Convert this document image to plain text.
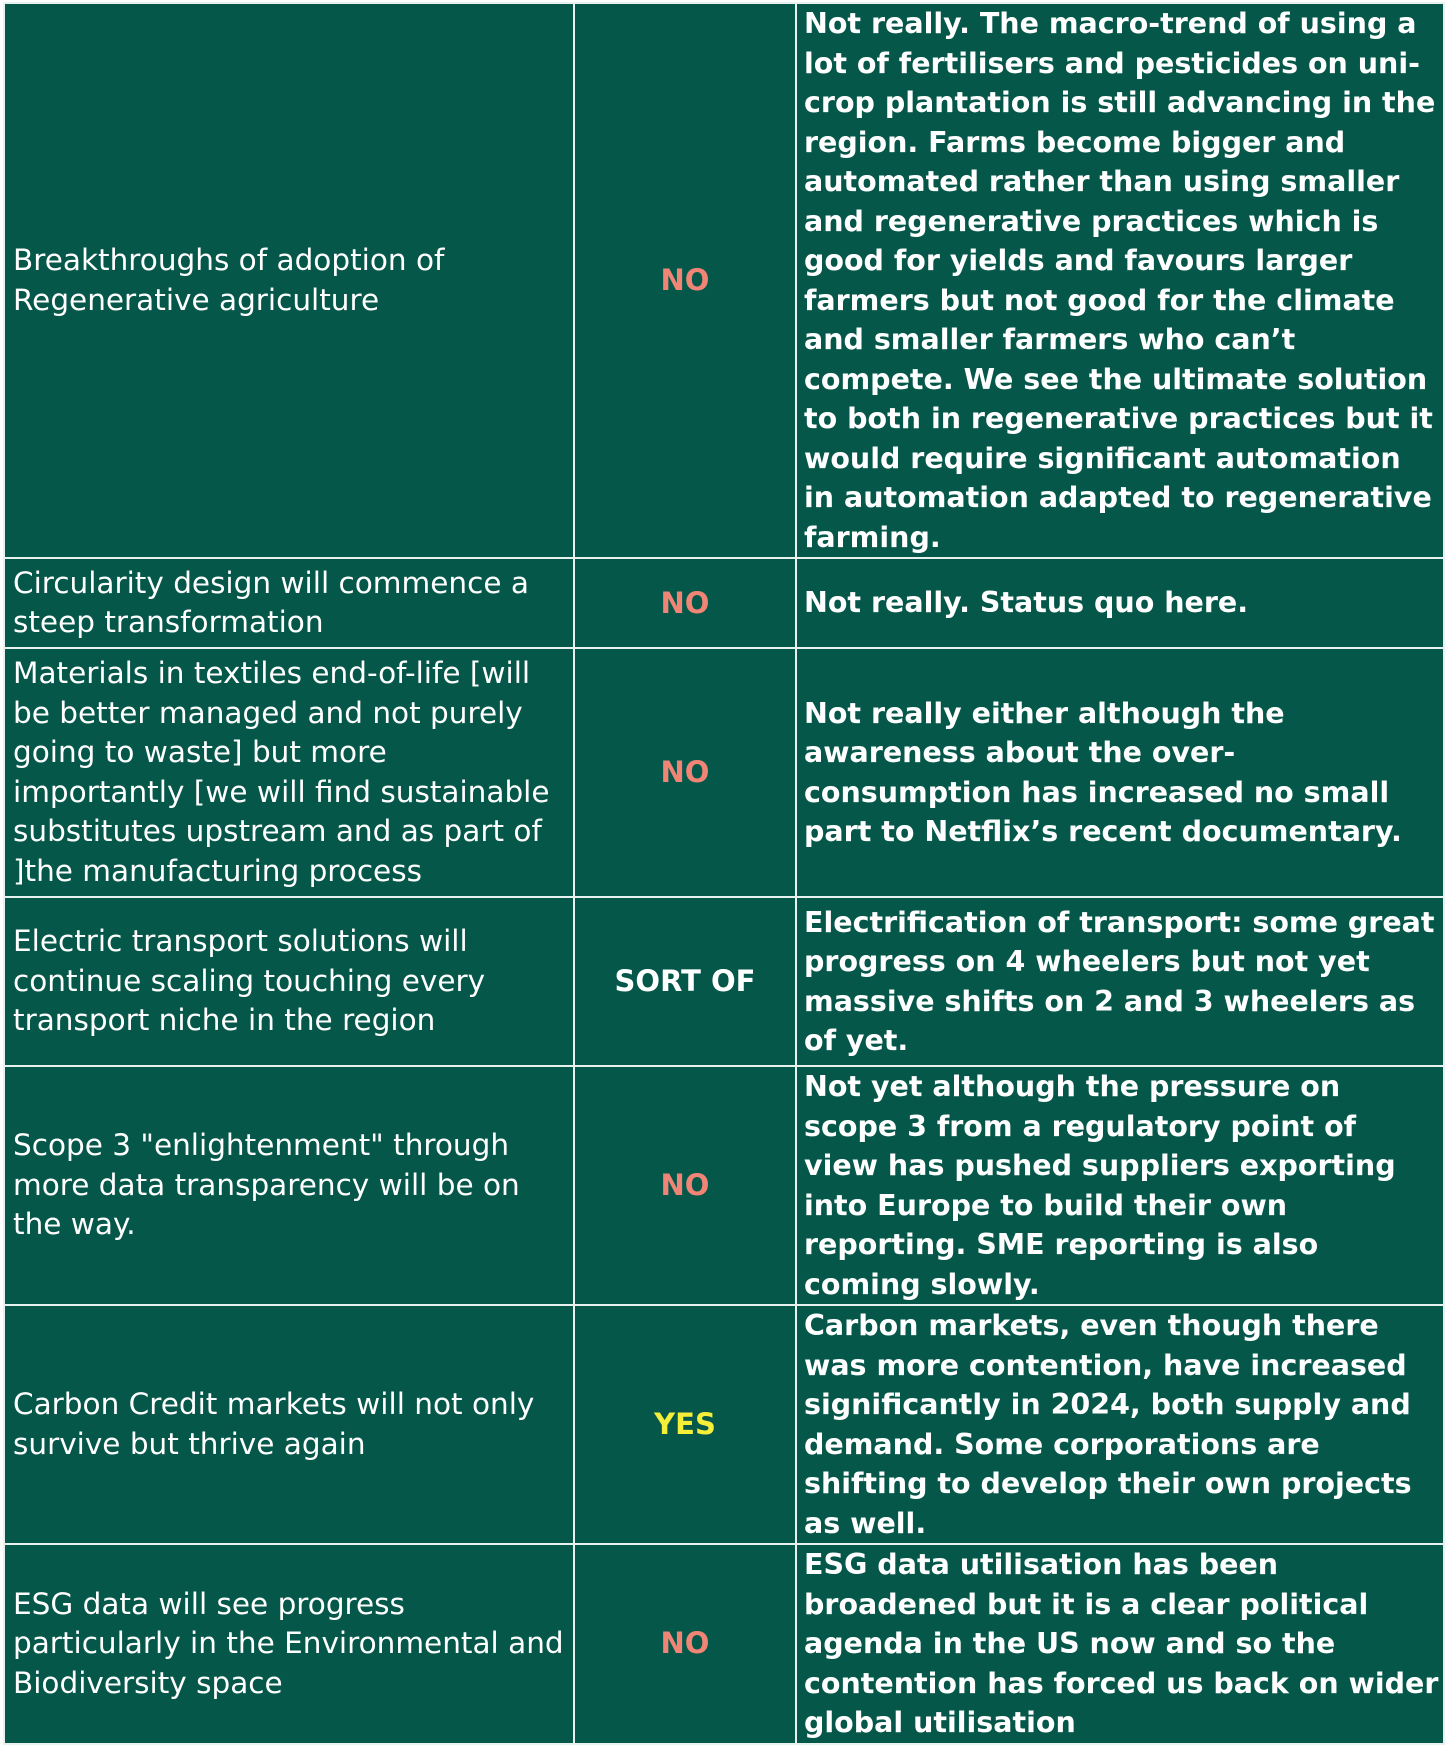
Breakthroughs of adoption of Regenerative agriculture	NO	Not really. The macro-trend of using a lot of fertilisers and pesticides on uni-crop plantation is still advancing in the region. Farms become bigger and automated rather than using smaller and regenerative practices which is good for yields and favours larger farmers but not good for the climate and smaller farmers who can’t compete. We see the ultimate solution to both in regenerative practices but it would require significant automation in automation adapted to regenerative farming.
Circularity design will commence a steep transformation	NO	Not really. Status quo here.
Materials in textiles end-of-life [will be better managed and not purely going to waste] but more importantly [we will find sustainable substitutes upstream and as part of ]the manufacturing process	NO	Not really either although the awareness about the over-consumption has increased no small part to Netflix’s recent documentary.
Electric transport solutions will continue scaling touching every transport niche in the region	SORT OF	Electrification of transport: some great progress on 4 wheelers but not yet massive shifts on 2 and 3 wheelers as of yet.
Scope 3 "enlightenment" through more data transparency will be on the way.	NO	Not yet although the pressure on scope 3 from a regulatory point of view has pushed suppliers exporting into Europe to build their own reporting. SME reporting is also coming slowly.
Carbon Credit markets will not only survive but thrive again	YES	Carbon markets, even though there was more contention, have increased significantly in 2024, both supply and demand. Some corporations are shifting to develop their own projects as well.
ESG data will see progress particularly in the Environmental and Biodiversity space	NO	ESG data utilisation has been broadened but it is a clear political agenda in the US now and so the contention has forced us back on wider global utilisation
